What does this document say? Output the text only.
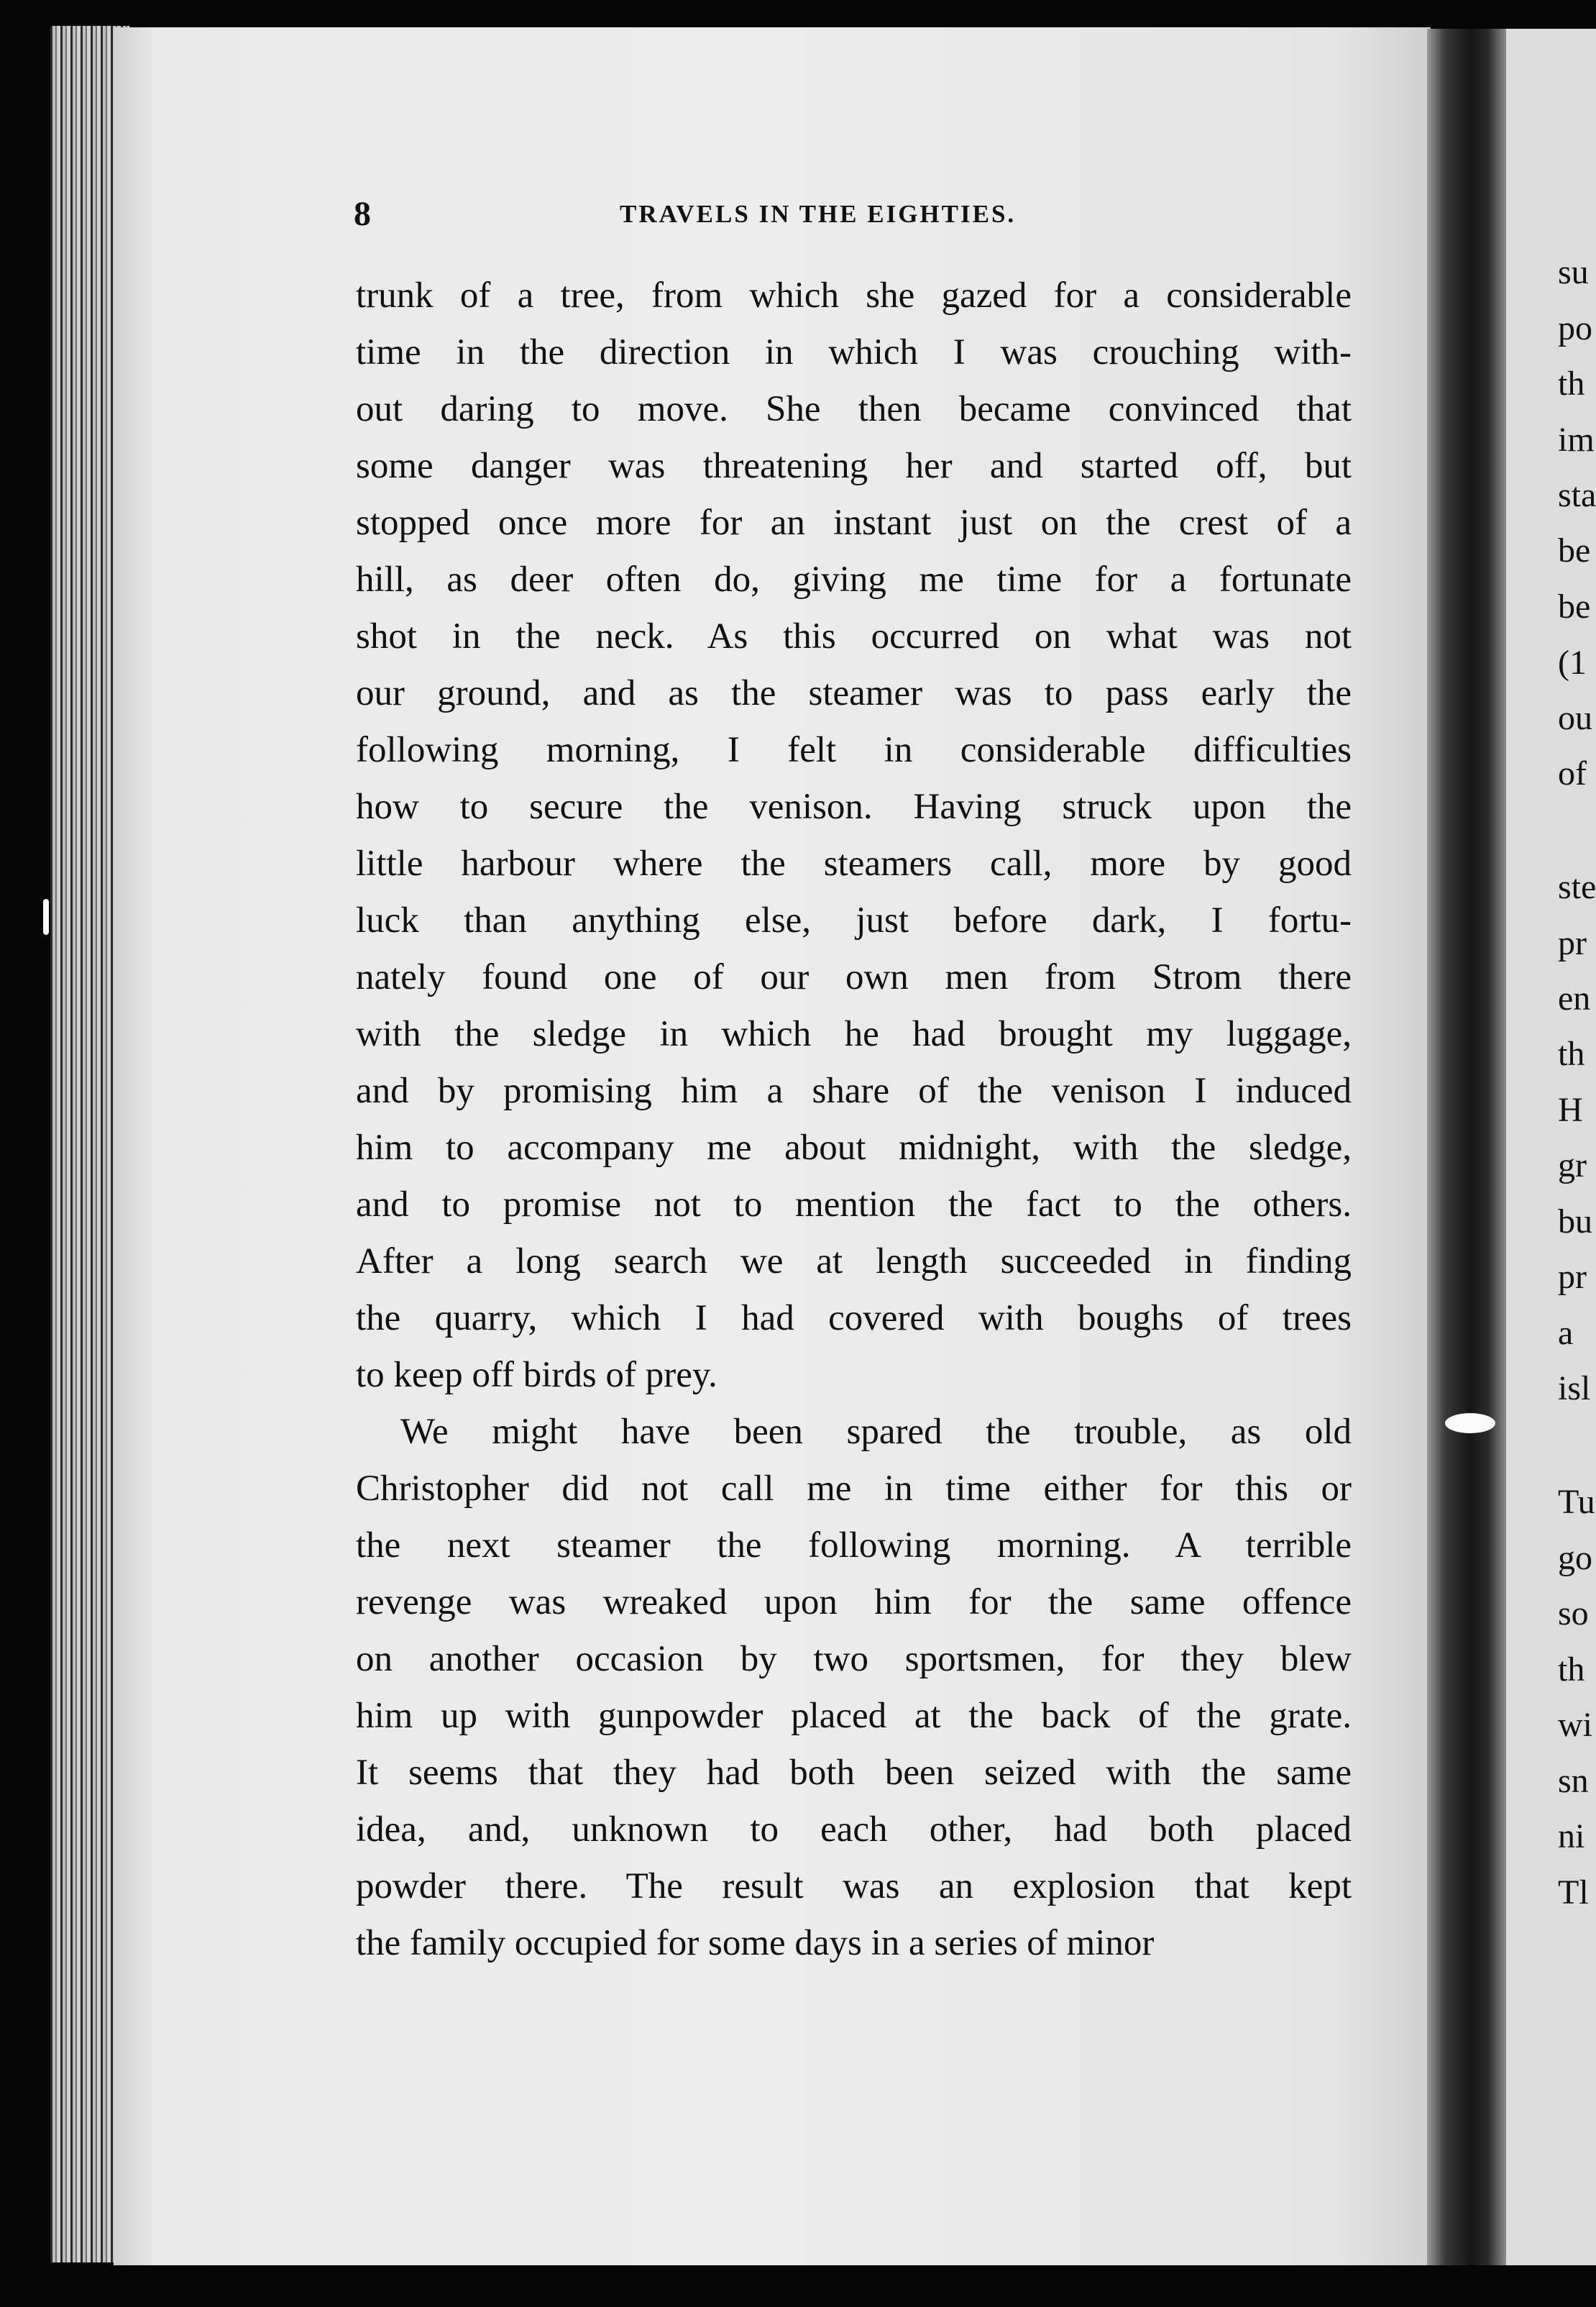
su
po
th
im
sta
be
be
(1
ou
of
ste
pr
en
th
H
gr
bu
pr
a
isl
Tu
go
so
th
wi
sn
ni
Tl
8	TRAVELS IN THE EIGHTIES.
trunk of a tree, from which she gazed for a considerable
time in the direction in which I was crouching with-
out daring to move. She then became convinced that
some danger was threatening her and started off, but
stopped once more for an instant just on the crest of a
hill, as deer often do, giving me time for a fortunate
shot in the neck. As this occurred on what was not
our ground, and as the steamer was to pass early the
following morning, I felt in considerable difficulties
how to secure the venison. Having struck upon the
little harbour where the steamers call, more by good
luck than anything else, just before dark, I fortu-
nately found one of our own men from Strom there
with the sledge in which he had brought my luggage,
and by promising him a share of the venison I induced
him to accompany me about midnight, with the sledge,
and to promise not to mention the fact to the others.
After a long search we at length succeeded in finding
the quarry, which I had covered with boughs of trees
to keep off birds of prey.
We might have been spared the trouble, as old
Christopher did not call me in time either for this or
the next steamer the following morning. A terrible
revenge was wreaked upon him for the same offence
on another occasion by two sportsmen, for they blew
him up with gunpowder placed at the back of the grate.
It seems that they had both been seized with the same
idea, and, unknown to each other, had both placed
powder there. The result was an explosion that kept
the family occupied for some days in a series of minor
